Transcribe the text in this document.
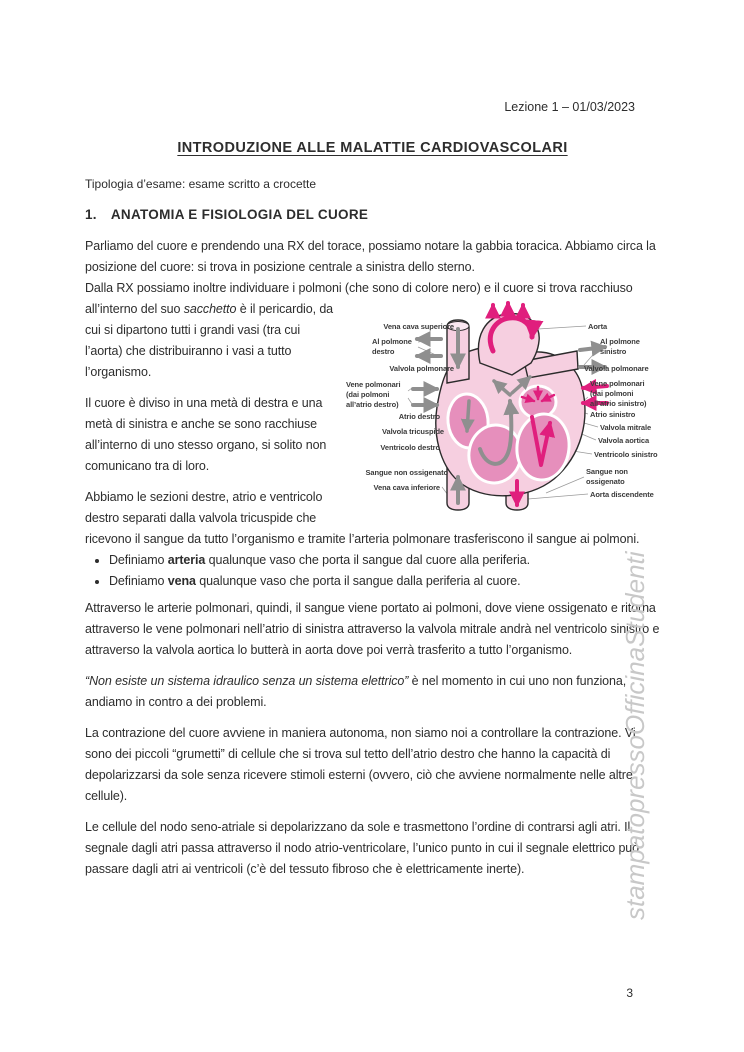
Lezione 1 – 01/03/2023
INTRODUZIONE ALLE MALATTIE CARDIOVASCOLARI
Tipologia d’esame: esame scritto a crocette
1. ANATOMIA E FISIOLOGIA DEL CUORE

Parliamo del cuore e prendendo una RX del torace, possiamo notare la gabbia toracica. Abbiamo circa la posizione del cuore: si trova in posizione centrale a sinistra dello sterno.

Dalla RX possiamo inoltre individuare i polmoni (che sono di colore nero) e il cuore si trova racchiuso
Vena cava superiore
Al polmone
destro
Valvola polmonare
Vene polmonari
(dai polmoni
all’atrio destro)
Atrio destro
Valvola tricuspide
Ventricolo destro
Sangue non ossigenato
Vena cava inferiore
Aorta
Al polmone
sinistro
Valvola polmonare
Vene polmonari
(dai polmoni
all’atrio sinistro)
Atrio sinistro
Valvola mitrale
Valvola aortica
Ventricolo sinistro
Sangue non
ossigenato
Aorta discendente
all’interno del suo sacchetto è il pericardio, da cui si dipartono tutti i grandi vasi (tra cui l’aorta) che distribuiranno i vasi a tutto l’organismo.

Il cuore è diviso in una metà di destra e una metà di sinistra e anche se sono racchiuse all’interno di uno stesso organo, si solito non comunicano tra di loro.

Abbiamo le sezioni destre, atrio e ventricolo destro separati dalla valvola tricuspide che ricevono il sangue da tutto l’organismo e tramite l’arteria polmonare trasferiscono il sangue ai polmoni.

• Definiamo arteria qualunque vaso che porta il sangue dal cuore alla periferia.
• Definiamo vena qualunque vaso che porta il sangue dalla periferia al cuore.

Attraverso le arterie polmonari, quindi, il sangue viene portato ai polmoni, dove viene ossigenato e ritorna attraverso le vene polmonari nell’atrio di sinistra attraverso la valvola mitrale andrà nel ventricolo sinistro e attraverso la valvola aortica lo butterà in aorta dove poi verrà trasferito a tutto l’organismo.

“Non esiste un sistema idraulico senza un sistema elettrico” è nel momento in cui uno non funziona, andiamo in contro a dei problemi.

La contrazione del cuore avviene in maniera autonoma, non siamo noi a controllare la contrazione. Vi sono dei piccoli “grumetti” di cellule che si trova sul tetto dell’atrio destro che hanno la capacità di depolarizzarsi da sole senza ricevere stimoli esterni (ovvero, ciò che avviene normalmente nelle altre cellule).

Le cellule del nodo seno-atriale si depolarizzano da sole e trasmettono l’ordine di contrarsi agli atri. Il segnale dagli atri passa attraverso il nodo atrio-ventricolare, l’unico punto in cui il segnale elettrico può passare dagli atri ai ventricoli (c’è del tessuto fibroso che è elettricamente inerte).	stampatopressoOfficinaStudenti
3
